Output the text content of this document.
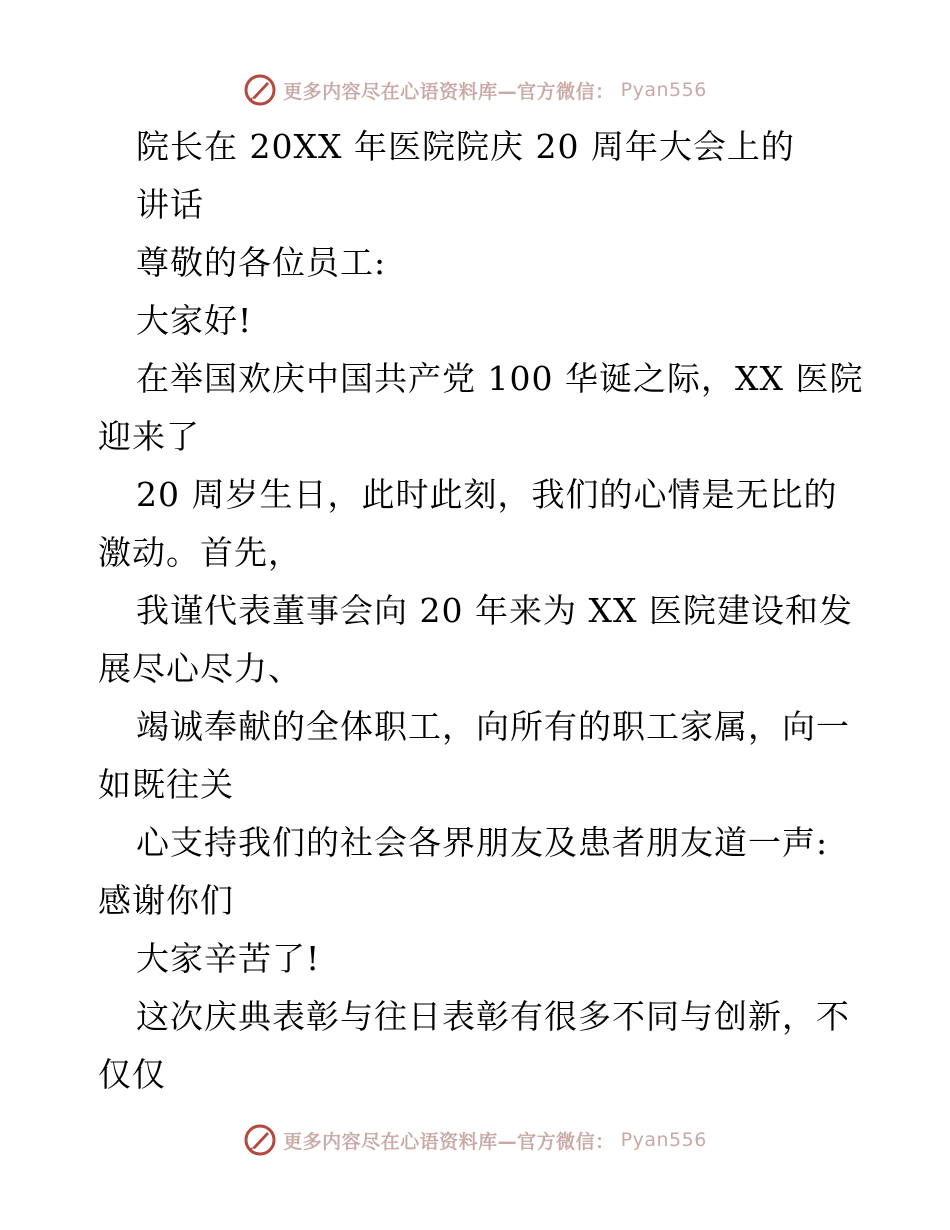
更多内容尽在心语资料库—官方微信： Pyan556
院长在 20XX 年医院院庆 20 周年大会上的
讲话
尊敬的各位员工:
大家好!
在举国欢庆中国共产党 100 华诞之际，XX 医院
迎来了
20 周岁生日，此时此刻，我们的心情是无比的
激动。首先，
我谨代表董事会向 20 年来为 XX 医院建设和发
展尽心尽力、
竭诚奉献的全体职工，向所有的职工家属，向一
如既往关
心支持我们的社会各界朋友及患者朋友道一声:
感谢你们
大家辛苦了!
这次庆典表彰与往日表彰有很多不同与创新，不
仅仅
更多内容尽在心语资料库—官方微信： Pyan556
